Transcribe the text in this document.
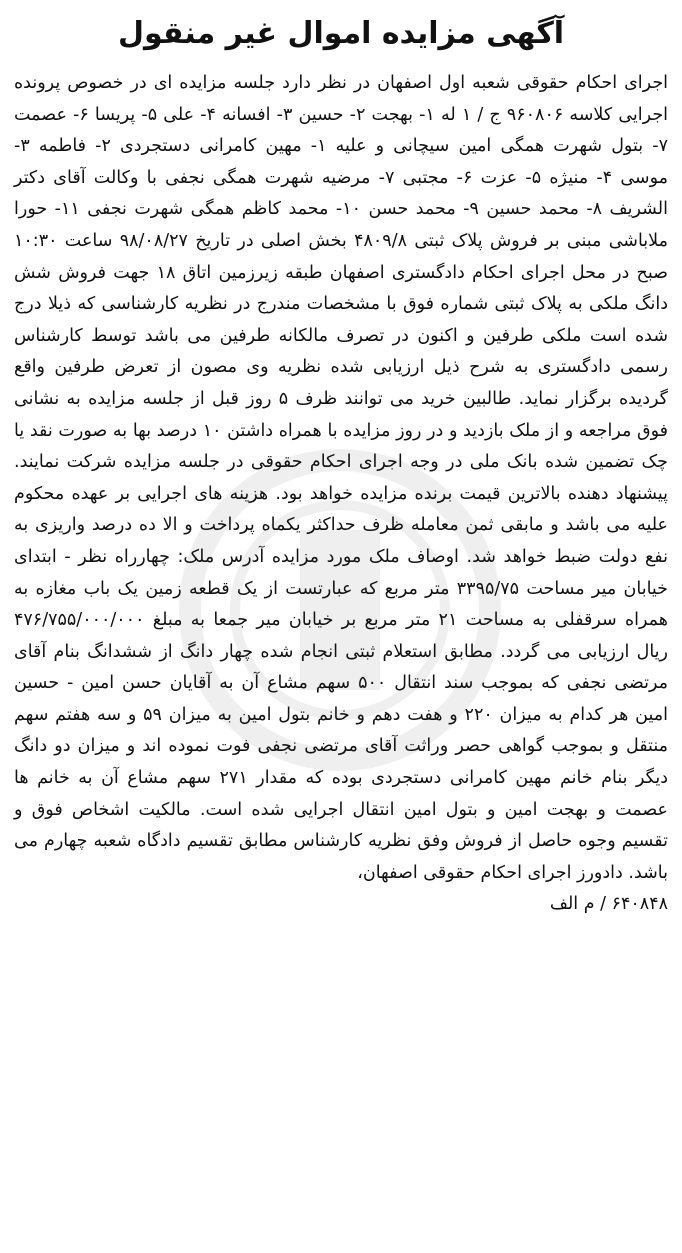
آگهی مزایده اموال غیر منقول

اجرای احکام حقوقی شعبه اول اصفهان در نظر دارد جلسه مزایده ای در خصوص پرونده اجرایی کلاسه ۹۶۰۸۰۶ ج / ۱ له ۱- بهجت ۲- حسین ۳- افسانه ۴- علی ۵- پریسا ۶- عصمت ۷- بتول شهرت همگی امین سیچانی و علیه ۱- مهین کامرانی دستجردی ۲- فاطمه ۳- موسی ۴- منیژه ۵- عزت ۶- مجتبی ۷- مرضیه شهرت همگی نجفی با وکالت آقای دکتر الشریف ۸- محمد حسین ۹- محمد حسن ۱۰- محمد کاظم همگی شهرت نجفی ۱۱- حورا ملاباشی مبنی بر فروش پلاک ثبتی ۴۸۰۹/۸ بخش اصلی در تاریخ ۹۸/۰۸/۲۷ ساعت ۱۰:۳۰ صبح در محل اجرای احکام دادگستری اصفهان طبقه زیرزمین اتاق ۱۸ جهت فروش شش دانگ ملکی به پلاک ثبتی شماره فوق با مشخصات مندرج در نظریه کارشناسی که ذیلا درج شده است ملکی طرفین و اکنون در تصرف مالکانه طرفین می باشد توسط کارشناس رسمی دادگستری به شرح ذیل ارزیابی شده نظریه وی مصون از تعرض طرفین واقع گردیده برگزار نماید. طالبین خرید می توانند ظرف ۵ روز قبل از جلسه مزایده به نشانی فوق مراجعه و از ملک بازدید و در روز مزایده با همراه داشتن ۱۰ درصد بها به صورت نقد یا چک تضمین شده بانک ملی در وجه اجرای احکام حقوقی در جلسه مزایده شرکت نمایند. پیشنهاد دهنده بالاترین قیمت برنده مزایده خواهد بود. هزینه های اجرایی بر عهده محکوم علیه می باشد و مابقی ثمن معامله ظرف حداکثر یکماه پرداخت و الا ده درصد واریزی به نفع دولت ضبط خواهد شد. اوصاف ملک مورد مزایده آدرس ملک: چهارراه نظر - ابتدای خیابان میر مساحت ۳۳۹۵/۷۵ متر مربع که عبارتست از یک قطعه زمین یک باب مغازه به همراه سرقفلی به مساحت ۲۱ متر مربع بر خیابان میر جمعا به مبلغ ۴۷۶/۷۵۵/۰۰۰/۰۰۰ ریال ارزیابی می گردد. مطابق استعلام ثبتی انجام شده چهار دانگ از ششدانگ بنام آقای مرتضی نجفی که بموجب سند انتقال ۵۰۰ سهم مشاع آن به آقایان حسن امین - حسین امین هر کدام به میزان ۲۲۰ و هفت دهم و خانم بتول امین به میزان ۵۹ و سه هفتم سهم منتقل و بموجب گواهی حصر وراثت آقای مرتضی نجفی فوت نموده اند و میزان دو دانگ دیگر بنام خانم مهین کامرانی دستجردی بوده که مقدار ۲۷۱ سهم مشاع آن به خانم ها عصمت و بهجت امین و بتول امین انتقال اجرایی شده است. مالکیت اشخاص فوق و تقسیم وجوه حاصل از فروش وفق نظریه کارشناس مطابق تقسیم دادگاه شعبه چهارم می باشد. دادورز اجرای احکام حقوقی اصفهان،

۶۴۰۸۴۸ / م الف
